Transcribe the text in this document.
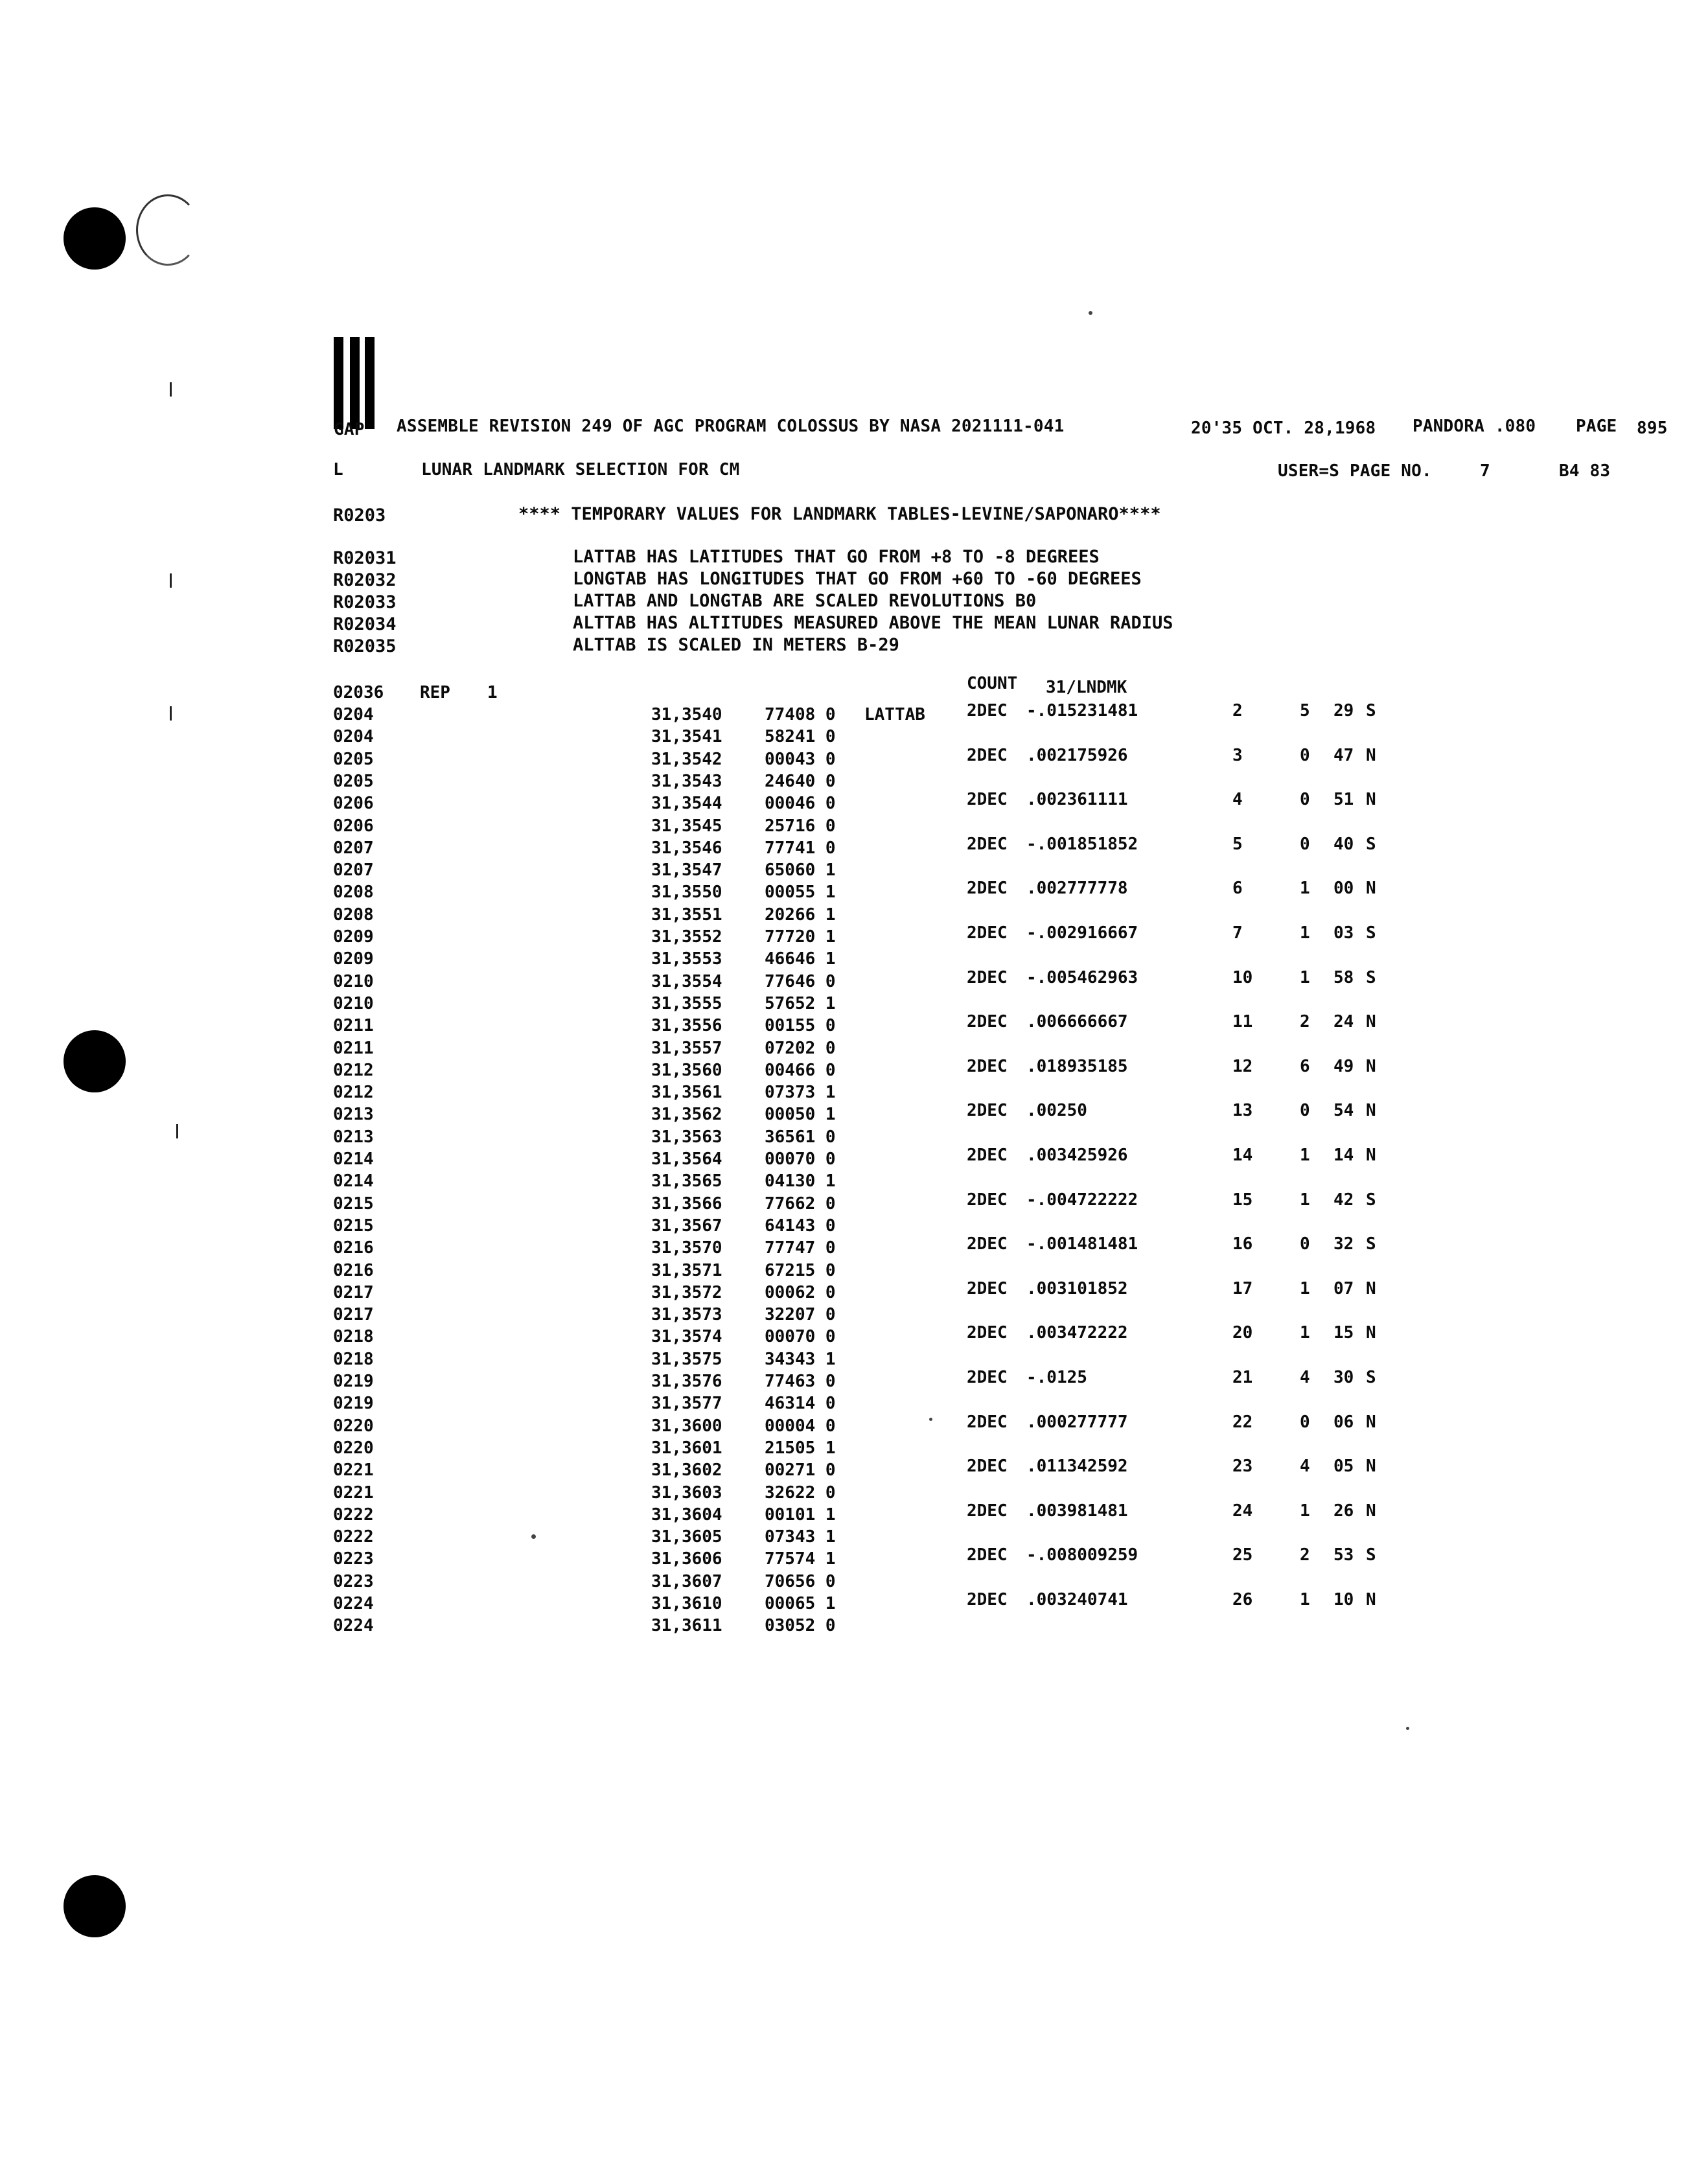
GAP ASSEMBLE REVISION 249 OF AGC PROGRAM COLOSSUS BY NASA 2021111-041	20'35 OCT. 28,1968 PANDORA .080 PAGE 895
L	LUNAR LANDMARK SELECTION FOR CM	USER=S PAGE NO.	7	B4 83
R0203	**** TEMPORARY VALUES FOR LANDMARK TABLES-LEVINE/SAPONARO****
R02031	LATTAB HAS LATITUDES THAT GO FROM +8 TO -8 DEGREES
R02032	LONGTAB HAS LONGITUDES THAT GO FROM +60 TO -60 DEGREES
R02033	LATTAB AND LONGTAB ARE SCALED REVOLUTIONS B0
R02034	ALTTAB HAS ALTITUDES MEASURED ABOVE THE MEAN LUNAR RADIUS
R02035	ALTTAB IS SCALED IN METERS B-29
02036 REP 1	COUNT 31/LNDMK
0204	31,3540	77408 0 LATTAB 2DEC -.015231481	2	5 29 S
0204	31,3541	58241 0
0205	31,3542	00043 0	2DEC .002175926	3	0 47 N
0205	31,3543	24640 0
0206	31,3544	00046 0	2DEC .002361111	4	0 51 N
0206	31,3545	25716 0
0207	31,3546	77741 0	2DEC -.001851852	5	0 40 S
0207	31,3547	65060 1
0208	31,3550	00055 1	2DEC .002777778	6	1 00 N
0208	31,3551	20266 1
0209	31,3552	77720 1	2DEC -.002916667	7	1 03 S
0209	31,3553	46646 1
0210	31,3554	77646 0	2DEC -.005462963	10	1 58 S
0210	31,3555	57652 1
0211	31,3556	00155 0	2DEC .006666667	11	2 24 N
0211	31,3557	07202 0
0212	31,3560	00466 0	2DEC .018935185	12	6 49 N
0212	31,3561	07373 1
0213	31,3562	00050 1	2DEC .00250	13	0 54 N
0213	31,3563	36561 0
0214	31,3564	00070 0	2DEC .003425926	14	1 14 N
0214	31,3565	04130 1
0215	31,3566	77662 0	2DEC -.004722222	15	1 42 S
0215	31,3567	64143 0
0216	31,3570	77747 0	2DEC -.001481481	16	0 32 S
0216	31,3571	67215 0
0217	31,3572	00062 0	2DEC .003101852	17	1 07 N
0217	31,3573	32207 0
0218	31,3574	00070 0	2DEC .003472222	20	1 15 N
0218	31,3575	34343 1
0219	31,3576	77463 0	2DEC -.0125	21	4 30 S
0219	31,3577	46314 0
0220	31,3600	00004 0	2DEC .000277777	22	0 06 N
0220	31,3601	21505 1
0221	31,3602	00271 0	2DEC .011342592	23	4 05 N
0221	31,3603	32622 0
0222	31,3604	00101 1	2DEC .003981481	24	1 26 N
0222	31,3605	07343 1
0223	31,3606	77574 1	2DEC -.008009259	25	2 53 S
0223	31,3607	70656 0
0224	31,3610	00065 1	2DEC .003240741	26	1 10 N
0224	31,3611	03052 0
